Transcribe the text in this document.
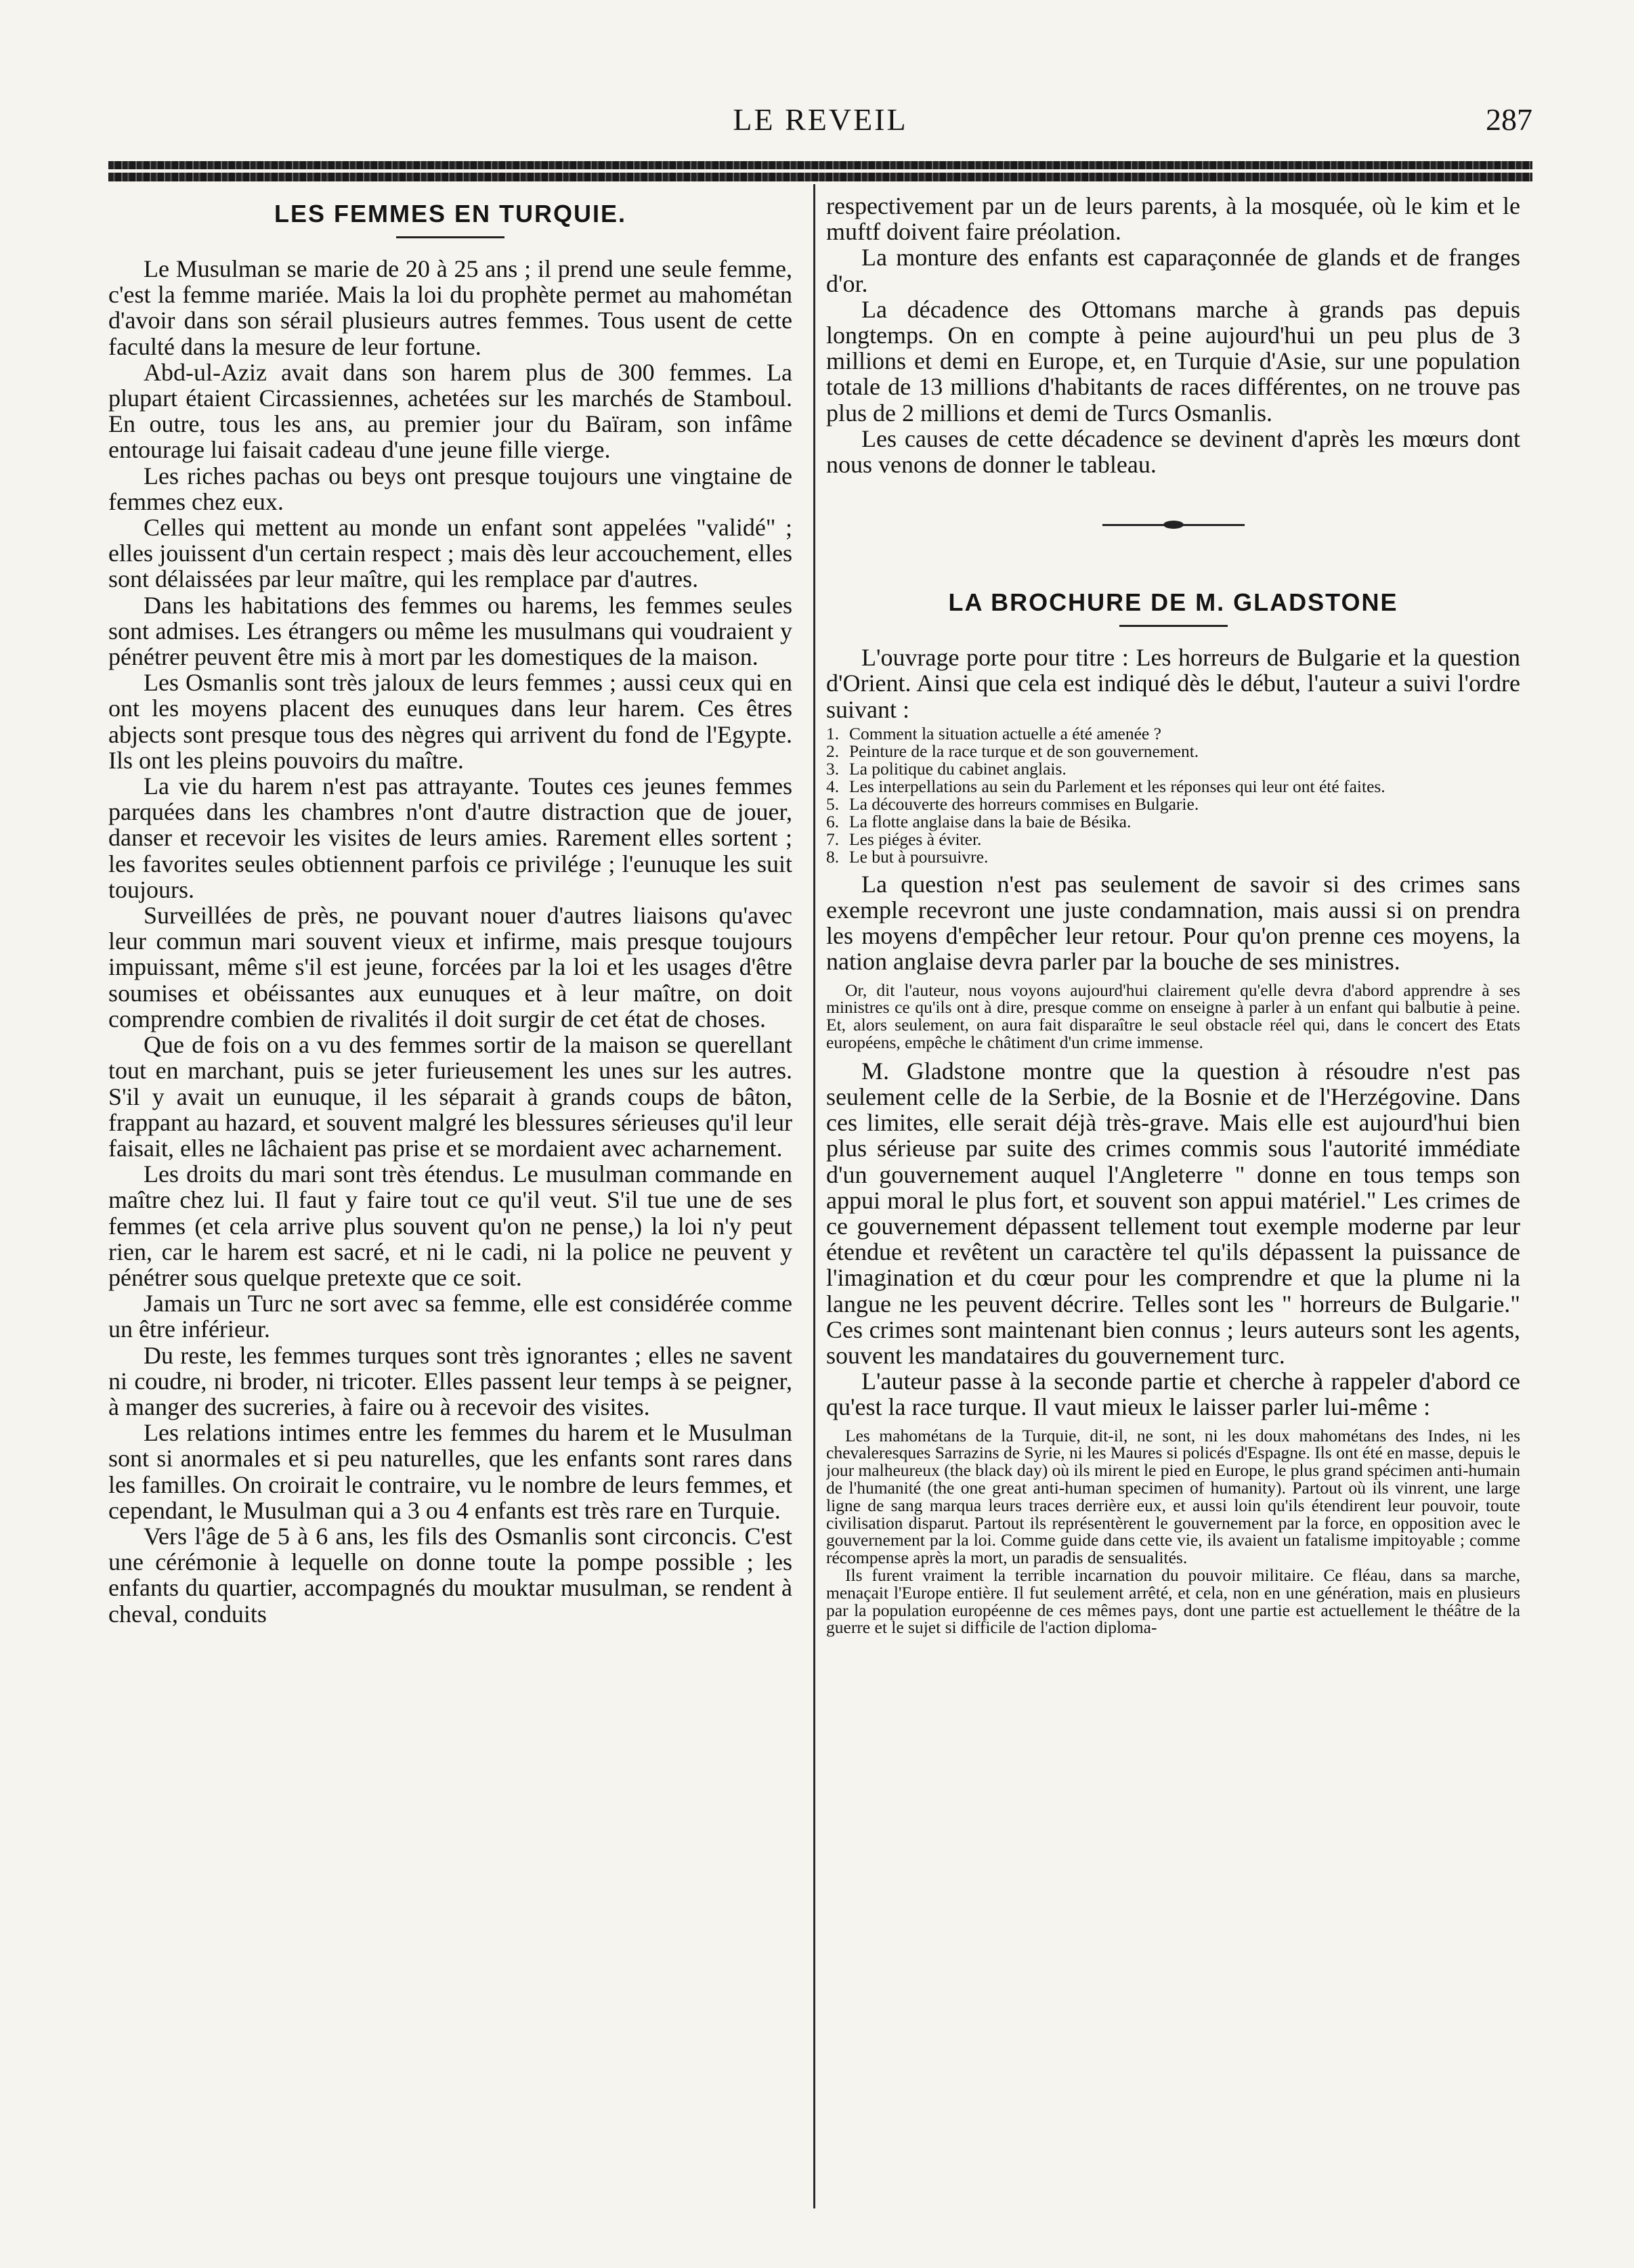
LE REVEIL	287
LES FEMMES EN TURQUIE.

Le Musulman se marie de 20 à 25 ans ; il prend une seule femme, c'est la femme mariée. Mais la loi du prophète permet au mahométan d'avoir dans son sérail plusieurs autres femmes. Tous usent de cette faculté dans la mesure de leur fortune.

Abd-ul-Aziz avait dans son harem plus de 300 femmes. La plupart étaient Circassiennes, achetées sur les marchés de Stamboul. En outre, tous les ans, au premier jour du Baïram, son infâme entourage lui faisait cadeau d'une jeune fille vierge.

Les riches pachas ou beys ont presque toujours une vingtaine de femmes chez eux.

Celles qui mettent au monde un enfant sont appelées "validé" ; elles jouissent d'un certain respect ; mais dès leur accouchement, elles sont délaissées par leur maître, qui les remplace par d'autres.

Dans les habitations des femmes ou harems, les femmes seules sont admises. Les étrangers ou même les musulmans qui voudraient y pénétrer peuvent être mis à mort par les domestiques de la maison.

Les Osmanlis sont très jaloux de leurs femmes ; aussi ceux qui en ont les moyens placent des eunuques dans leur harem. Ces êtres abjects sont presque tous des nègres qui arrivent du fond de l'Egypte. Ils ont les pleins pouvoirs du maître.

La vie du harem n'est pas attrayante. Toutes ces jeunes femmes parquées dans les chambres n'ont d'autre distraction que de jouer, danser et recevoir les visites de leurs amies. Rarement elles sortent ; les favorites seules obtiennent parfois ce privilége ; l'eunuque les suit toujours.

Surveillées de près, ne pouvant nouer d'autres liaisons qu'avec leur commun mari souvent vieux et infirme, mais presque toujours impuissant, même s'il est jeune, forcées par la loi et les usages d'être soumises et obéissantes aux eunuques et à leur maître, on doit comprendre combien de rivalités il doit surgir de cet état de choses.

Que de fois on a vu des femmes sortir de la maison se querellant tout en marchant, puis se jeter furieusement les unes sur les autres. S'il y avait un eunuque, il les séparait à grands coups de bâton, frappant au hazard, et souvent malgré les blessures sérieuses qu'il leur faisait, elles ne lâchaient pas prise et se mordaient avec acharnement.

Les droits du mari sont très étendus. Le musulman commande en maître chez lui. Il faut y faire tout ce qu'il veut. S'il tue une de ses femmes (et cela arrive plus souvent qu'on ne pense,) la loi n'y peut rien, car le harem est sacré, et ni le cadi, ni la police ne peuvent y pénétrer sous quelque pretexte que ce soit.

Jamais un Turc ne sort avec sa femme, elle est considérée comme un être inférieur.

Du reste, les femmes turques sont très ignorantes ; elles ne savent ni coudre, ni broder, ni tricoter. Elles passent leur temps à se peigner, à manger des sucreries, à faire ou à recevoir des visites.

Les relations intimes entre les femmes du harem et le Musulman sont si anormales et si peu naturelles, que les enfants sont rares dans les familles. On croirait le contraire, vu le nombre de leurs femmes, et cependant, le Musulman qui a 3 ou 4 enfants est très rare en Turquie.

Vers l'âge de 5 à 6 ans, les fils des Osmanlis sont circoncis. C'est une cérémonie à lequelle on donne toute la pompe possible ; les enfants du quartier, accompagnés du mouktar musulman, se rendent à cheval, conduits

respectivement par un de leurs parents, à la mosquée, où le kim et le muftf doivent faire préolation.

La monture des enfants est caparaçonnée de glands et de franges d'or.

La décadence des Ottomans marche à grands pas depuis longtemps. On en compte à peine aujourd'hui un peu plus de 3 millions et demi en Europe, et, en Turquie d'Asie, sur une population totale de 13 millions d'habitants de races différentes, on ne trouve pas plus de 2 millions et demi de Turcs Osmanlis.

Les causes de cette décadence se devinent d'après les mœurs dont nous venons de donner le tableau.

LA BROCHURE DE M. GLADSTONE

L'ouvrage porte pour titre : Les horreurs de Bulgarie et la question d'Orient. Ainsi que cela est indiqué dès le début, l'auteur a suivi l'ordre suivant :

1. Comment la situation actuelle a été amenée ?
2. Peinture de la race turque et de son gouvernement.
3. La politique du cabinet anglais.
4. Les interpellations au sein du Parlement et les réponses qui leur ont été faites.
5. La découverte des horreurs commises en Bulgarie.
6. La flotte anglaise dans la baie de Bésika.
7. Les piéges à éviter.
8. Le but à poursuivre.

La question n'est pas seulement de savoir si des crimes sans exemple recevront une juste condamnation, mais aussi si on prendra les moyens d'empêcher leur retour. Pour qu'on prenne ces moyens, la nation anglaise devra parler par la bouche de ses ministres.

Or, dit l'auteur, nous voyons aujourd'hui clairement qu'elle devra d'abord apprendre à ses ministres ce qu'ils ont à dire, presque comme on enseigne à parler à un enfant qui balbutie à peine. Et, alors seulement, on aura fait disparaître le seul obstacle réel qui, dans le concert des Etats européens, empêche le châtiment d'un crime immense.

M. Gladstone montre que la question à résoudre n'est pas seulement celle de la Serbie, de la Bosnie et de l'Herzégovine. Dans ces limites, elle serait déjà très-grave. Mais elle est aujourd'hui bien plus sérieuse par suite des crimes commis sous l'autorité immédiate d'un gouvernement auquel l'Angleterre " donne en tous temps son appui moral le plus fort, et souvent son appui matériel." Les crimes de ce gouvernement dépassent tellement tout exemple moderne par leur étendue et revêtent un caractère tel qu'ils dépassent la puissance de l'imagination et du cœur pour les comprendre et que la plume ni la langue ne les peuvent décrire. Telles sont les " horreurs de Bulgarie." Ces crimes sont maintenant bien connus ; leurs auteurs sont les agents, souvent les mandataires du gouvernement turc.

L'auteur passe à la seconde partie et cherche à rappeler d'abord ce qu'est la race turque. Il vaut mieux le laisser parler lui-même :

Les mahométans de la Turquie, dit-il, ne sont, ni les doux mahométans des Indes, ni les chevaleresques Sarrazins de Syrie, ni les Maures si policés d'Espagne. Ils ont été en masse, depuis le jour malheureux (the black day) où ils mirent le pied en Europe, le plus grand spécimen anti-humain de l'humanité (the one great anti-human specimen of humanity). Partout où ils vinrent, une large ligne de sang marqua leurs traces derrière eux, et aussi loin qu'ils étendirent leur pouvoir, toute civilisation disparut. Partout ils représentèrent le gouvernement par la force, en opposition avec le gouvernement par la loi. Comme guide dans cette vie, ils avaient un fatalisme impitoyable ; comme récompense après la mort, un paradis de sensualités.

Ils furent vraiment la terrible incarnation du pouvoir militaire. Ce fléau, dans sa marche, menaçait l'Europe entière. Il fut seulement arrêté, et cela, non en une génération, mais en plusieurs par la population européenne de ces mêmes pays, dont une partie est actuellement le théâtre de la guerre et le sujet si difficile de l'action diploma-
